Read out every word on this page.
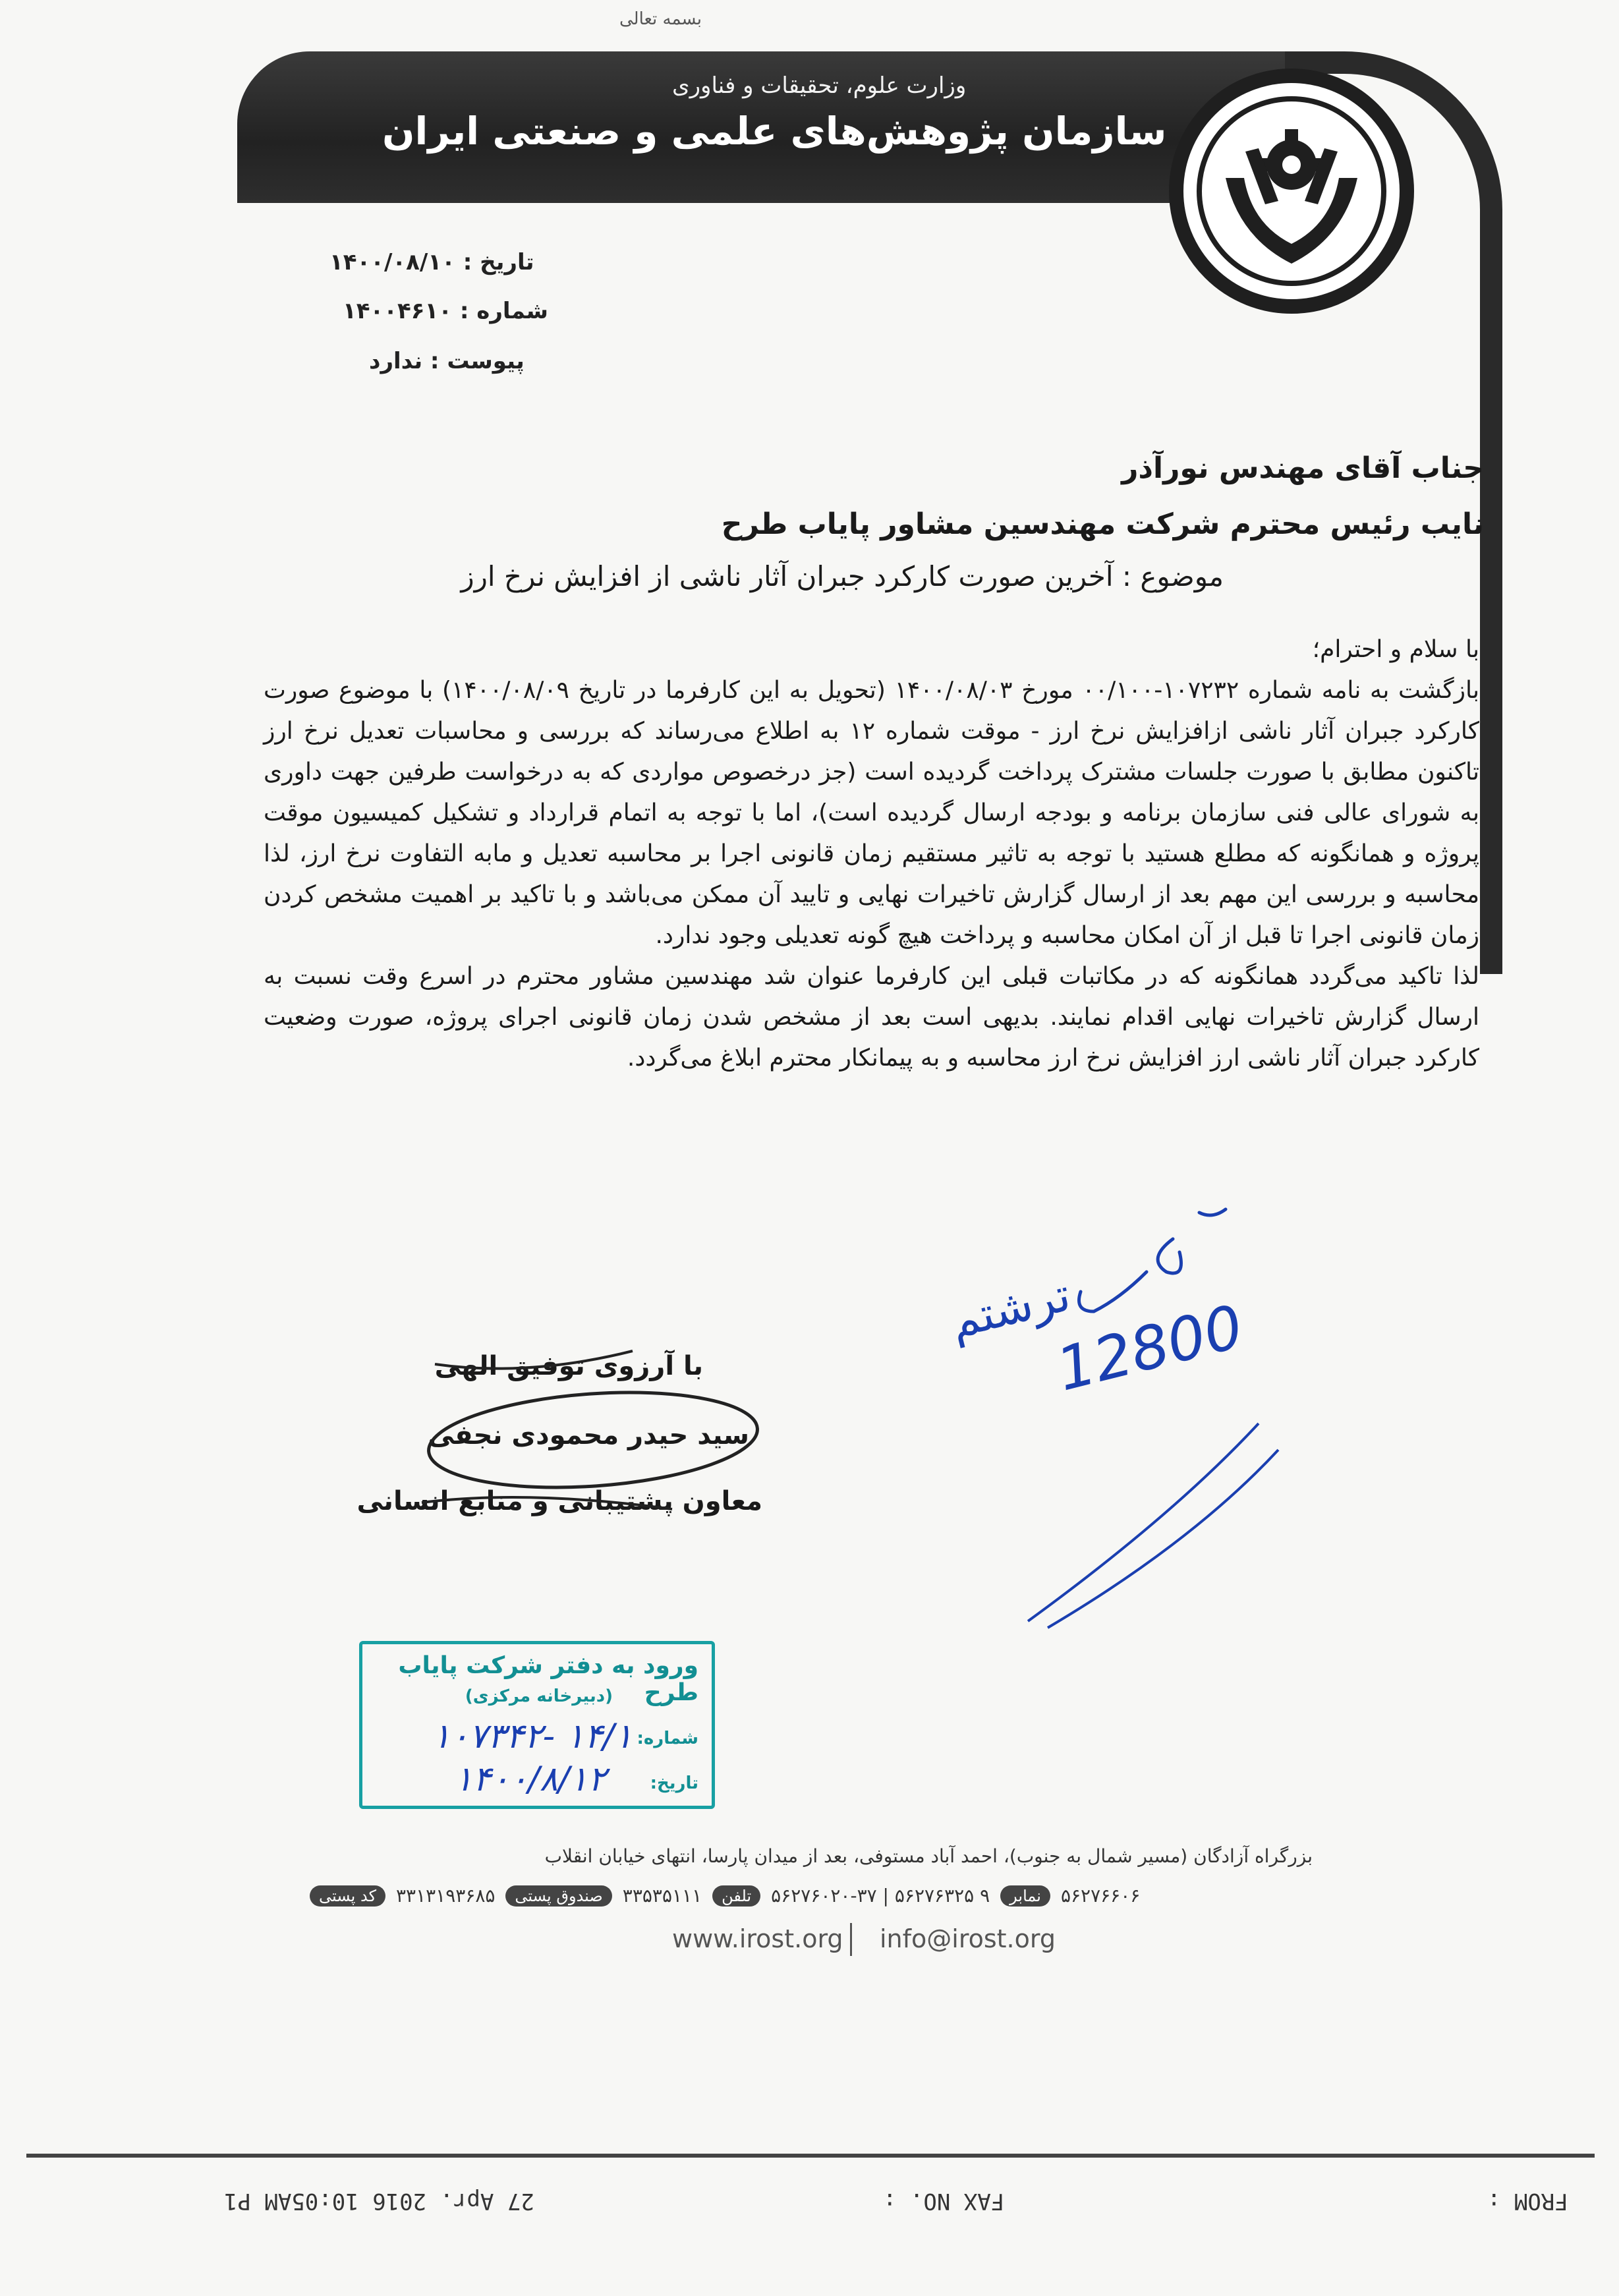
بسمه تعالی
وزارت علوم، تحقیقات و فناوری
سازمان پژوهش‌های علمی و صنعتی ایران
تاریخ : ۱۴۰۰/۰۸/۱۰
شماره : ۱۴۰۰۴۶۱۰
پیوست : ندارد
جناب آقای مهندس نورآذر
نایب رئیس محترم شرکت مهندسین مشاور پایاب طرح
موضوع : آخرین صورت کارکرد جبران آثار ناشی از افزایش نرخ ارز

با سلام و احترام؛

بازگشت به نامه شماره ۱۰۷۲۳۲-۰۰/۱۰۰ مورخ ۱۴۰۰/۰۸/۰۳ (تحویل به این کارفرما در تاریخ ۱۴۰۰/۰۸/۰۹) با موضوع صورت کارکرد جبران آثار ناشی ازافزایش نرخ ارز - موقت شماره ۱۲ به اطلاع می‌رساند که بررسی و محاسبات تعدیل نرخ ارز تاکنون مطابق با صورت جلسات مشترک پرداخت گردیده است (جز درخصوص مواردی که به درخواست طرفین جهت داوری به شورای عالی فنی سازمان برنامه و بودجه ارسال گردیده است)، اما با توجه به اتمام قرارداد و تشکیل کمیسیون موقت پروژه و همانگونه که مطلع هستید با توجه به تاثیر مستقیم زمان قانونی اجرا بر محاسبه تعدیل و مابه التفاوت نرخ ارز، لذا محاسبه و بررسی این مهم بعد از ارسال گزارش تاخیرات نهایی و تایید آن ممکن می‌باشد و با تاکید بر اهمیت مشخص کردن زمان قانونی اجرا تا قبل از آن امکان محاسبه و پرداخت هیچ گونه تعدیلی وجود ندارد.

لذا تاکید می‌گردد همانگونه که در مکاتبات قبلی این کارفرما عنوان شد مهندسین مشاور محترم در اسرع وقت نسبت به ارسال گزارش تاخیرات نهایی اقدام نمایند. بدیهی است بعد از مشخص شدن زمان قانونی اجرای پروژه، صورت وضعیت کارکرد جبران آثار ناشی ارز افزایش نرخ ارز محاسبه و به پیمانکار محترم ابلاغ می‌گردد.

12800
ترشتم
با آرزوی توفیق الهی
سید حیدر محمودی نجفی
معاون پشتیبانی و منابع انسانی
ورود به دفتر شرکت پایاب طرح
(دبیرخانه مرکزی)
شماره:
۱۴/۱ -۱۰۷۳۴۲
تاریخ:
۱۴۰۰/۸/۱۲
بزرگراه آزادگان (مسیر شمال به جنوب)، احمد آباد مستوفی، بعد از میدان پارسا، انتهای خیابان انقلاب
کد پستی	۳۳۱۳۱۹۳۶۸۵	صندوق پستی	۳۳۵۳۵۱۱۱	تلفن	۹ ۵۶۲۷۶۳۲۵ | ۵۶۲۷۶۰۲۰-۳۷	نمابر	۵۶۲۷۶۶۰۶
www.irost.org info@irost.org
FROM :
FAX NO. :
27 Apr. 2016 10:05AM P1
